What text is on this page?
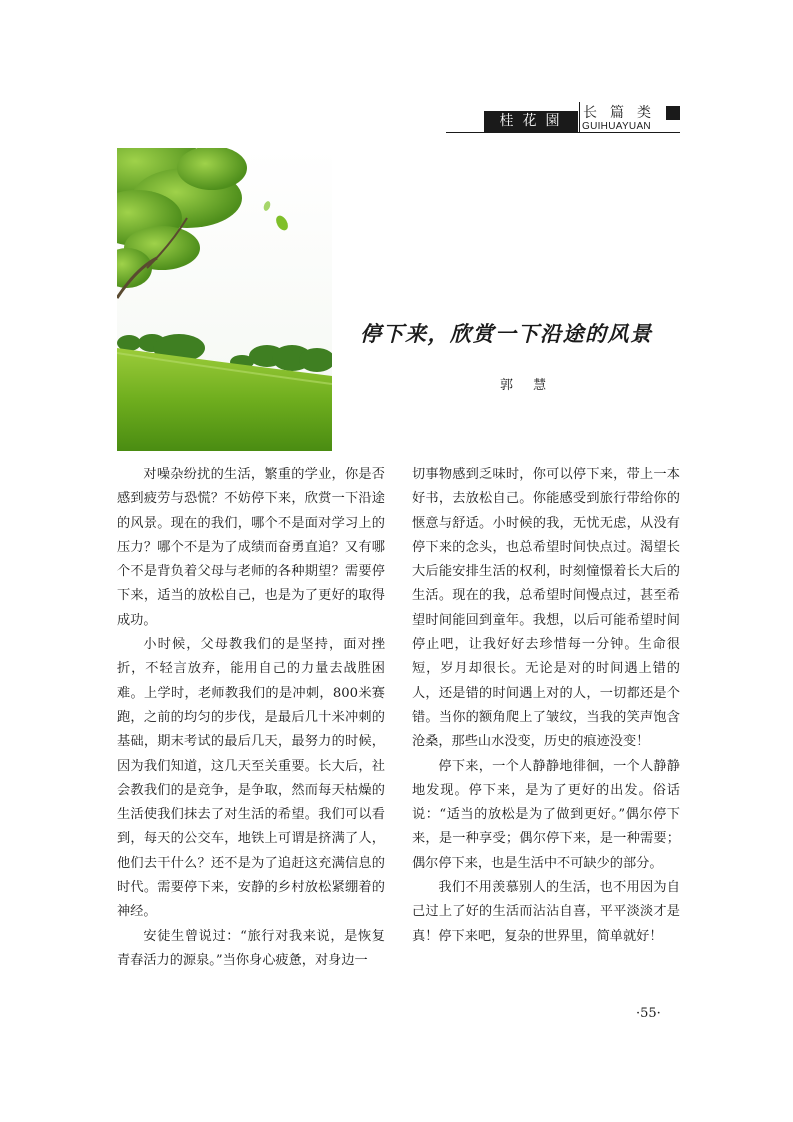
桂花園	长篇类
GUIHUAYUAN
停下来，欣赏一下沿途的风景
郭 慧

对噪杂纷扰的生活，繁重的学业，你是否感到疲劳与恐慌？不妨停下来，欣赏一下沿途的风景。现在的我们，哪个不是面对学习上的压力？哪个不是为了成绩而奋勇直追？又有哪个不是背负着父母与老师的各种期望？需要停下来，适当的放松自己，也是为了更好的取得成功。

小时候，父母教我们的是坚持，面对挫折，不轻言放弃，能用自己的力量去战胜困难。上学时，老师教我们的是冲刺，800米赛跑，之前的均匀的步伐，是最后几十米冲刺的基础，期末考试的最后几天，最努力的时候，因为我们知道，这几天至关重要。长大后，社会教我们的是竞争，是争取，然而每天枯燥的生活使我们抹去了对生活的希望。我们可以看到，每天的公交车，地铁上可谓是挤满了人，他们去干什么？还不是为了追赶这充满信息的时代。需要停下来，安静的乡村放松紧绷着的神经。

安徒生曾说过：“旅行对我来说，是恢复青春活力的源泉。”当你身心疲惫，对身边一

切事物感到乏味时，你可以停下来，带上一本好书，去放松自己。你能感受到旅行带给你的惬意与舒适。小时候的我，无忧无虑，从没有停下来的念头，也总希望时间快点过。渴望长大后能安排生活的权利，时刻憧憬着长大后的生活。现在的我，总希望时间慢点过，甚至希望时间能回到童年。我想，以后可能希望时间停止吧，让我好好去珍惜每一分钟。生命很短，岁月却很长。无论是对的时间遇上错的人，还是错的时间遇上对的人，一切都还是个错。当你的额角爬上了皱纹，当我的笑声饱含沧桑，那些山水没变，历史的痕迹没变！

停下来，一个人静静地徘徊，一个人静静地发现。停下来，是为了更好的出发。俗话说：“适当的放松是为了做到更好。”偶尔停下来，是一种享受；偶尔停下来，是一种需要；偶尔停下来，也是生活中不可缺少的部分。

我们不用羡慕别人的生活，也不用因为自己过上了好的生活而沾沾自喜，平平淡淡才是真！停下来吧，复杂的世界里，简单就好！

·55·
